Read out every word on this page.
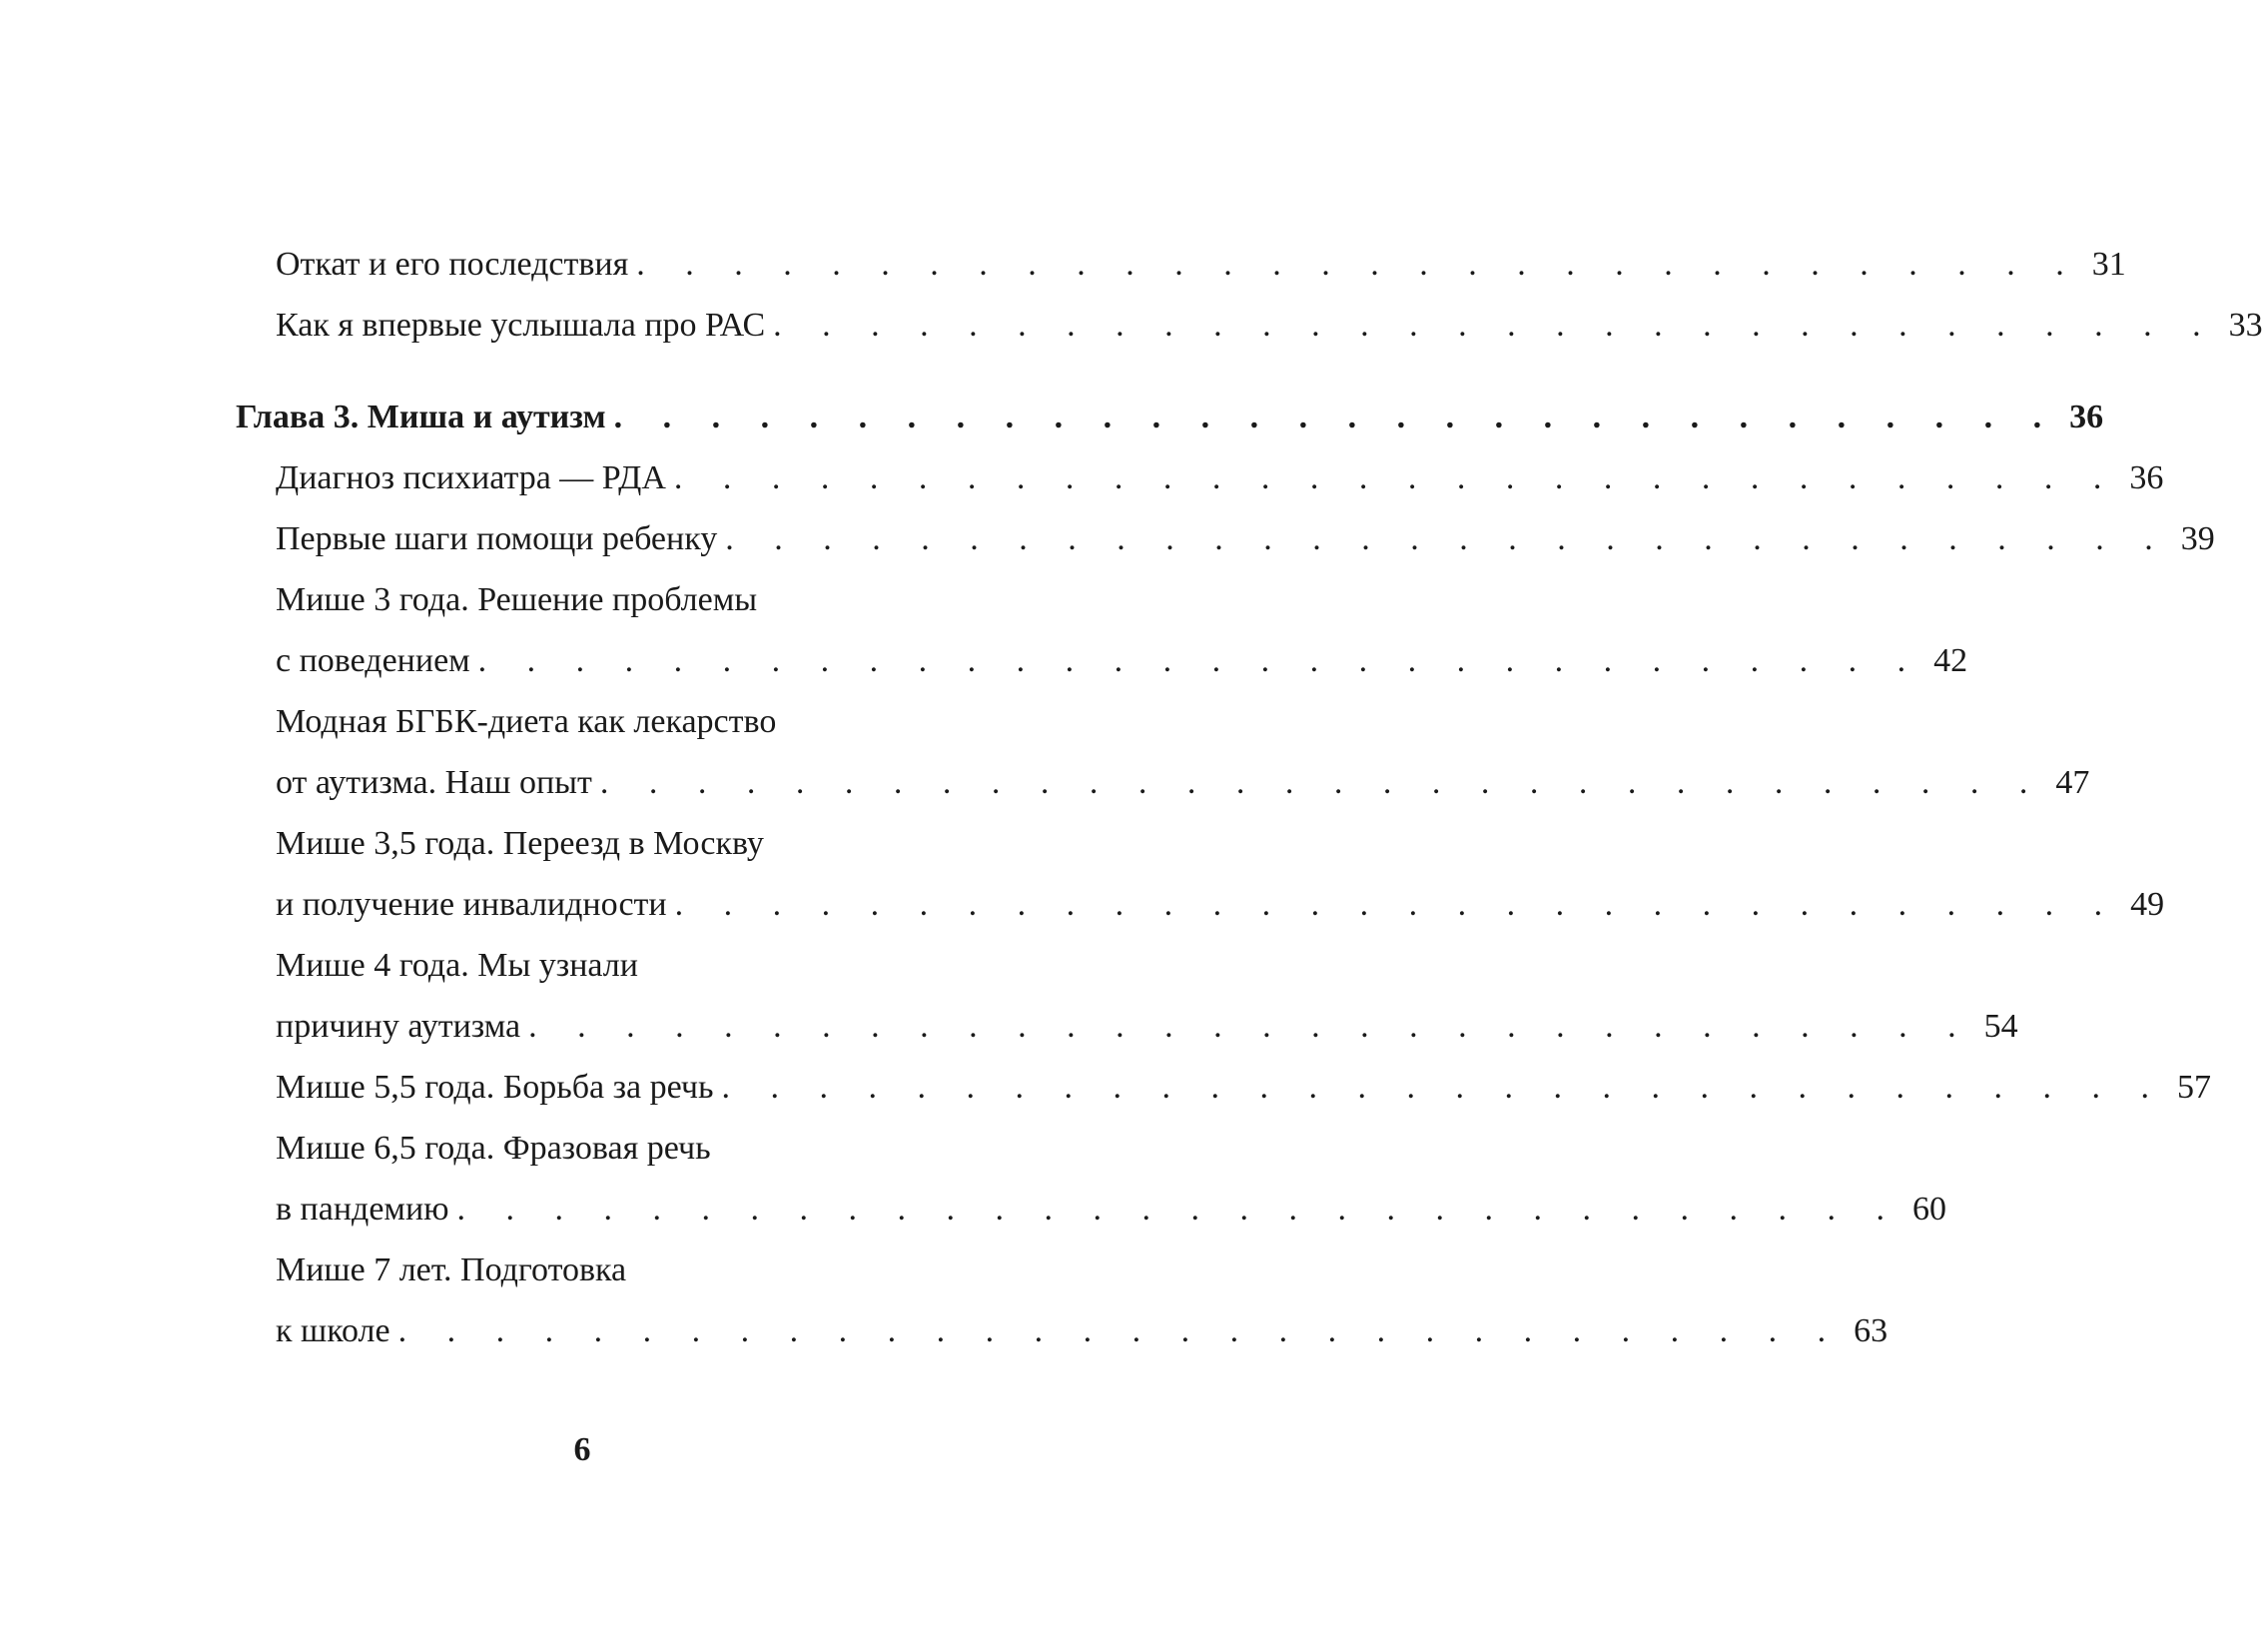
Откат и его последствия . . . . . . . . . . . . . . . . . . . . . . . . . . . . . . 31
Как я впервые услышала про РАС . . . . . . . . . . . . . . . . . . . . . . . . . . . . . . 33
Глава 3. Миша и аутизм . . . . . . . . . . . . . . . . . . . . . . . . . . . . . . 36
Диагноз психиатра — РДА . . . . . . . . . . . . . . . . . . . . . . . . . . . . . . 36
Первые шаги помощи ребенку . . . . . . . . . . . . . . . . . . . . . . . . . . . . . . 39
Мише 3 года. Решение проблемы
с поведением . . . . . . . . . . . . . . . . . . . . . . . . . . . . . . 42
Модная БГБК-диета как лекарство
от аутизма. Наш опыт . . . . . . . . . . . . . . . . . . . . . . . . . . . . . . 47
Мише 3,5 года. Переезд в Москву
и получение инвалидности . . . . . . . . . . . . . . . . . . . . . . . . . . . . . . 49
Мише 4 года. Мы узнали
причину аутизма . . . . . . . . . . . . . . . . . . . . . . . . . . . . . . 54
Мише 5,5 года. Борьба за речь . . . . . . . . . . . . . . . . . . . . . . . . . . . . . . 57
Мише 6,5 года. Фразовая речь
в пандемию . . . . . . . . . . . . . . . . . . . . . . . . . . . . . . 60
Мише 7 лет. Подготовка
к школе . . . . . . . . . . . . . . . . . . . . . . . . . . . . . . 63
6
